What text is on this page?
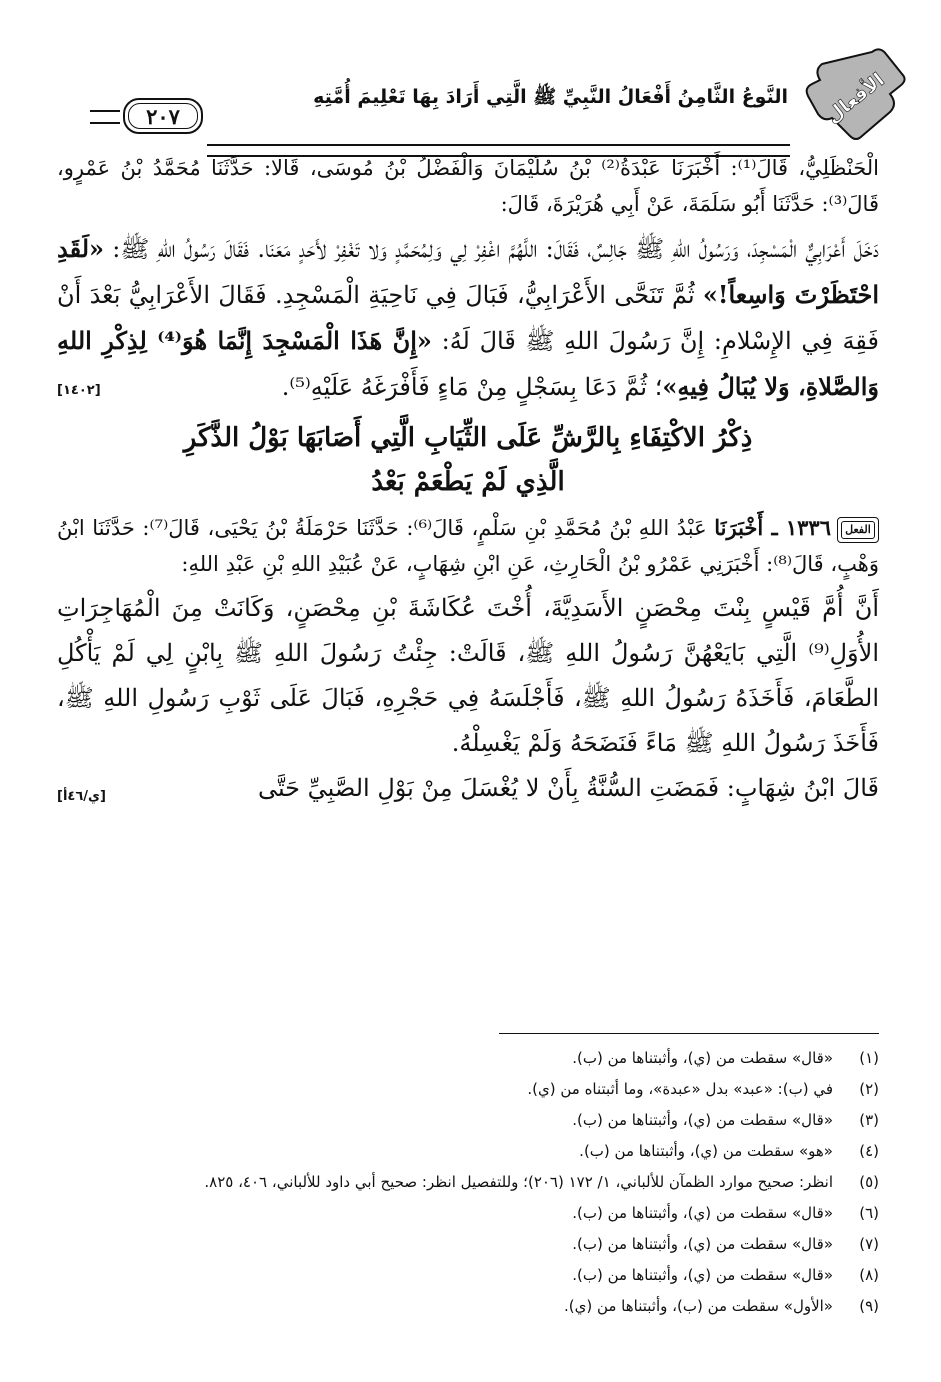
٢٠٧
النَّوعُ الثَّامِنُ أَفْعَالُ النَّبِيِّ ﷺ الَّتِي أَرَادَ بِهَا تَعْلِيمَ أُمَّتِهِ الأفعال

الْحَنْظَلِيُّ، قَالَ⁽¹⁾: أَخْبَرَنَا عَبْدَةُ⁽²⁾ بْنُ سُلَيْمَانَ وَالْفَضْلُ بْنُ مُوسَى، قَالا: حَدَّثَنَا مُحَمَّدُ بْنُ عَمْرٍو، قَالَ⁽³⁾: حَدَّثَنَا أَبُو سَلَمَةَ، عَنْ أَبِي هُرَيْرَةَ، قَالَ:

دَخَلَ أَعْرَابِيٌّ الْمَسْجِدَ، وَرَسُولُ اللهِ ﷺ جَالِسٌ، فَقَالَ: اللَّهُمَّ اغْفِرْ لِي وَلِمُحَمَّدٍ وَلا تَغْفِرْ لأَحَدٍ مَعَنَا. فَقَالَ رَسُولُ اللهِ ﷺ: «لَقَدِ احْتَظَرْتَ وَاسِعاً!» ثُمَّ تَنَحَّى الأَعْرَابِيُّ، فَبَالَ فِي نَاحِيَةِ الْمَسْجِدِ. فَقَالَ الأَعْرَابِيُّ بَعْدَ أَنْ فَقِهَ فِي الإِسْلامِ: إِنَّ رَسُولَ اللهِ ﷺ قَالَ لَهُ: «إِنَّ هَذَا الْمَسْجِدَ إِنَّمَا هُوَ⁽⁴⁾ لِذِكْرِ اللهِ وَالصَّلاةِ، وَلا يُبَالُ فِيهِ»؛ ثُمَّ دَعَا بِسَجْلٍ مِنْ مَاءٍ فَأَفْرَغَهُ عَلَيْهِ⁽⁵⁾.
[١٤٠٢]

ذِكْرُ الاكْتِفَاءِ بِالرَّشِّ عَلَى الثِّيَابِ الَّتِي أَصَابَهَا بَوْلُ الذَّكَرِ
الَّذِي لَمْ يَطْعَمْ بَعْدُ

الفعل
١٣٣٦ ـ أَخْبَرَنَا عَبْدُ اللهِ بْنُ مُحَمَّدِ بْنِ سَلْمٍ، قَالَ⁽⁶⁾: حَدَّثَنَا حَرْمَلَةُ بْنُ يَحْيَى، قَالَ⁽⁷⁾: حَدَّثَنَا ابْنُ وَهْبٍ، قَالَ⁽⁸⁾: أَخْبَرَنِي عَمْرُو بْنُ الْحَارِثِ، عَنِ ابْنِ شِهَابٍ، عَنْ عُبَيْدِ اللهِ بْنِ عَبْدِ اللهِ:

أَنَّ أُمَّ قَيْسٍ بِنْتَ مِحْصَنٍ الأَسَدِيَّةَ، أُخْتَ عُكَاشَةَ بْنِ مِحْصَنٍ، وَكَانَتْ مِنَ الْمُهَاجِرَاتِ الأُوَلِ⁽⁹⁾ الَّتِي بَايَعْهُنَّ رَسُولُ اللهِ ﷺ، قَالَتْ: جِئْتُ رَسُولَ اللهِ ﷺ بِابْنٍ لِي لَمْ يَأْكُلِ الطَّعَامَ، فَأَخَذَهُ رَسُولُ اللهِ ﷺ، فَأَجْلَسَهُ فِي حَجْرِهِ، فَبَالَ عَلَى ثَوْبِ رَسُولِ اللهِ ﷺ، فَأَخَذَ رَسُولُ اللهِ ﷺ مَاءً فَنَضَحَهُ وَلَمْ يَغْسِلْهُ.

قَالَ ابْنُ شِهَابٍ: فَمَضَتِ السُّنَّةُ بِأَنْ لا يُغْسَلَ مِنْ بَوْلِ الصَّبِيِّ حَتَّى
[ي/٤٦أ]

(١)
«قال» سقطت من (ي)، وأثبتناها من (ب).
(٢)
في (ب): «عبد» بدل «عبدة»، وما أثبتناه من (ي).
(٣)
«قال» سقطت من (ي)، وأثبتناها من (ب).
(٤)
«هو» سقطت من (ي)، وأثبتناها من (ب).
(٥)
انظر: صحيح موارد الظمآن للألباني، ١/ ١٧٢ (٢٠٦)؛ وللتفصيل انظر: صحيح أبي داود للألباني، ٤٠٦، ٨٢٥.
(٦)
«قال» سقطت من (ي)، وأثبتناها من (ب).
(٧)
«قال» سقطت من (ي)، وأثبتناها من (ب).
(٨)
«قال» سقطت من (ي)، وأثبتناها من (ب).
(٩)
«الأول» سقطت من (ب)، وأثبتناها من (ي).
